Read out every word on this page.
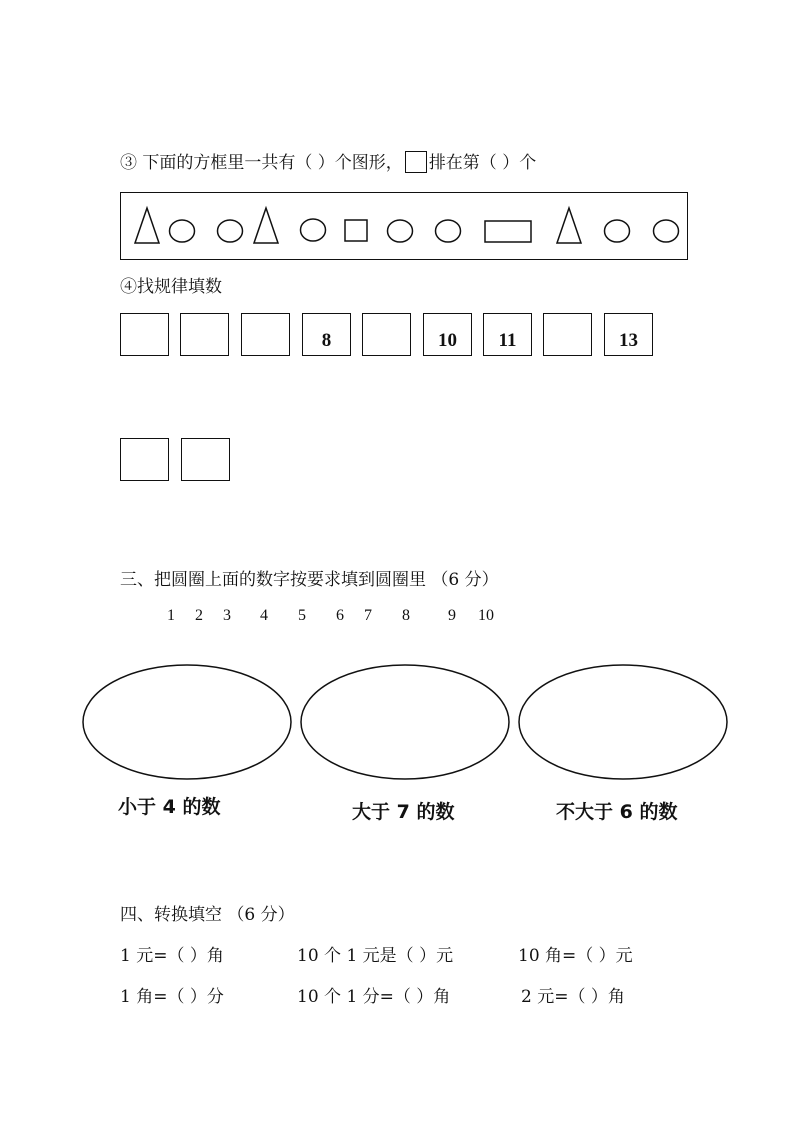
③ 下面的方框里一共有（ ）个图形， 排在第（ ）个
④找规律填数
8	10	11	13
三、把圆圈上面的数字按要求填到圆圈里 （6 分）
1 2 3 4 5 6 7 8 9 10
小于 4 的数	大于 7 的数	不大于 6 的数
四、转换填空 （6 分）
1 元=（ ）角	10 个 1 元是（ ）元	10 角=（ ）元
1 角=（ ）分	10 个 1 分=（ ）角	2 元=（ ）角
